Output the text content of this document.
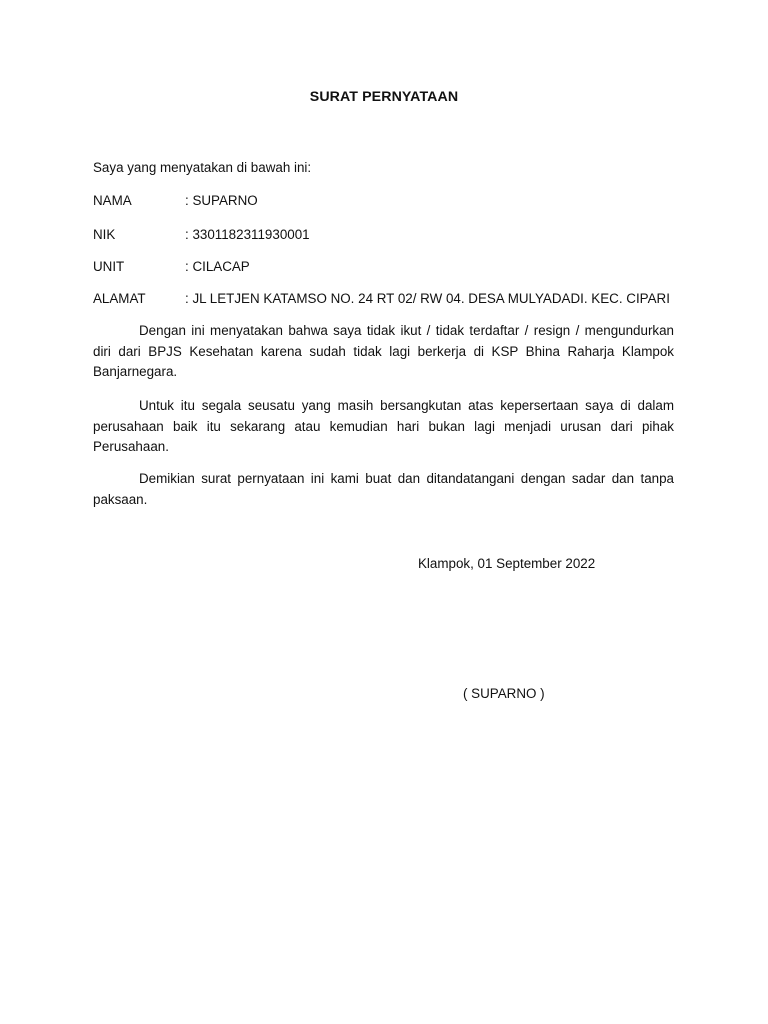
SURAT PERNYATAAN
Saya yang menyatakan di bawah ini:
NAMA	: SUPARNO
NIK	: 3301182311930001
UNIT	: CILACAP
ALAMAT	: JL LETJEN KATAMSO NO. 24 RT 02/ RW 04. DESA MULYADADI. KEC. CIPARI
Dengan ini menyatakan bahwa saya tidak ikut / tidak terdaftar / resign / mengundurkan diri dari BPJS Kesehatan karena sudah tidak lagi berkerja di KSP Bhina Raharja Klampok Banjarnegara.
Untuk itu segala seusatu yang masih bersangkutan atas kepersertaan saya di dalam perusahaan baik itu sekarang atau kemudian hari bukan lagi menjadi urusan dari pihak Perusahaan.
Demikian surat pernyataan ini kami buat dan ditandatangani dengan sadar dan tanpa paksaan.
Klampok, 01 September 2022
( SUPARNO )
